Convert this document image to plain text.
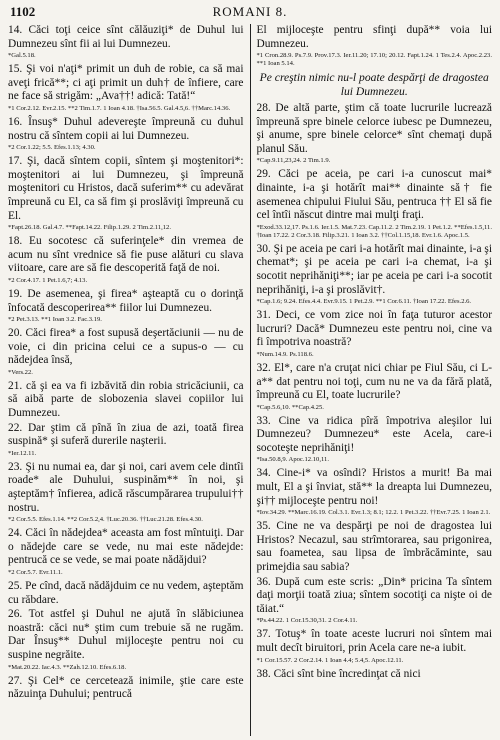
1102	ROMANI 8.

14. Căci toţi ceice sînt călăuziţi* de Duhul lui Dumnezeu sînt fii ai lui Dumnezeu.

*Gal.5.18.

15. Şi voi n'aţi* primit un duh de robie, ca să mai aveţi frică**; ci aţi primit un duh† de înfiere, care ne face să strigăm: „Ava††! adică: Tată!“

*1 Cor.2.12. Evr.2.15. **2 Tim.1.7. 1 Ioan 4.18. †Isa.56.5. Gal.4.5,6. ††Marc.14.36.

16. Însuş* Duhul adevereşte împreună cu duhul nostru că sîntem copii ai lui Dumnezeu.

*2 Cor.1.22; 5.5. Efes.1.13; 4.30.

17. Şi, dacă sîntem copii, sîntem şi moştenitori*: moştenitori ai lui Dumnezeu, şi împreună moştenitori cu Hristos, dacă suferim** cu adevărat împreună cu El, ca să fim şi proslăviţi împreună cu El.

*Fapt.26.18. Gal.4.7. **Fapt.14.22. Filip.1.29. 2 Tim.2.11,12.

18. Eu socotesc că suferinţele* din vremea de acum nu sînt vrednice să fie puse alături cu slava viitoare, care are să fie descoperită faţă de noi.

*2 Cor.4.17. 1 Pet.1.6,7; 4.13.

19. De asemenea, şi firea* aşteaptă cu o dorinţă înfocată descoperirea** fiilor lui Dumnezeu.

*2 Pet.3.13. **1 Ioan 3.2. Fac.3.19.

20. Căci firea* a fost supusă deşertăciunii — nu de voie, ci din pricina celui ce a supus-o — cu nădejdea însă,

*Vers.22.

21. că şi ea va fi izbăvită din robia stricăciunii, ca să aibă parte de slobozenia slavei copiilor lui Dumnezeu.

22. Dar ştim că pînă în ziua de azi, toată firea suspină* şi suferă durerile naşterii.

*Ier.12.11.

23. Şi nu numai ea, dar şi noi, cari avem cele dintîi roade* ale Duhului, suspinăm** în noi, şi aşteptăm† înfierea, adică răscumpărarea trupului†† nostru.

*2 Cor.5.5. Efes.1.14. **2 Cor.5.2,4. †Luc.20.36. ††Luc.21.28. Efes.4.30.

24. Căci în nădejdea* aceasta am fost mîntuiţi. Dar o nădejde care se vede, nu mai este nădejde: pentrucă ce se vede, se mai poate nădăjdui?

*2 Cor.5.7. Evr.11.1.

25. Pe cînd, dacă nădăjduim ce nu vedem, aşteptăm cu răbdare.

26. Tot astfel şi Duhul ne ajută în slăbiciunea noastră: căci nu* ştim cum trebuie să ne rugăm. Dar Însuş** Duhul mijloceşte pentru noi cu suspine negrăite.

*Mat.20.22. Iac.4.3. **Zah.12.10. Efes.6.18.

27. Şi Cel* ce cercetează inimile, ştie care este năzuinţa Duhului; pentrucă

El mijloceşte pentru sfinţi după** voia lui Dumnezeu.

*1 Cron.28.9. Ps.7.9. Prov.17.3. Ier.11.20; 17.10; 20.12. Fapt.1.24. 1 Tes.2.4. Apoc.2.23. **1 Ioan 5.14.

Pe creştin nimic nu-l poate despărţi de dragostea lui Dumnezeu.

28. De altă parte, ştim că toate lucrurile lucrează împreună spre binele celorce iubesc pe Dumnezeu, şi anume, spre binele celorce* sînt chemaţi după planul Său.

*Cap.9.11,23,24. 2 Tim.1.9.

29. Căci pe aceia, pe cari i-a cunoscut mai* dinainte, i-a şi hotărît mai** dinainte să† fie asemenea chipului Fiului Său, pentruca †† El să fie cel întîi născut dintre mai mulţi fraţi.

*Exod.33.12,17. Ps.1.6. Ier.1.5. Mat.7.23. Cap.11.2. 2 Tim.2.19. 1 Pet.1.2. **Efes.1.5,11. †Ioan 17.22. 2 Cor.3.18. Filip.3.21. 1 Ioan 3.2. ††Col.1.15,18. Evr.1.6. Apoc.1.5.

30. Şi pe aceia pe cari i-a hotărît mai dinainte, i-a şi chemat*; şi pe aceia pe cari i-a chemat, i-a şi socotit neprihăniţi**; iar pe aceia pe cari i-a socotit neprihăniţi, i-a şi proslăvit†.

*Cap.1.6; 9.24. Efes.4.4. Evr.9.15. 1 Pet.2.9. **1 Cor.6.11. †Ioan 17.22. Efes.2.6.

31. Deci, ce vom zice noi în faţa tuturor acestor lucruri? Dacă* Dumnezeu este pentru noi, cine va fi împotriva noastră?

*Num.14.9. Ps.118.6.

32. El*, care n'a cruţat nici chiar pe Fiul Său, ci L-a** dat pentru noi toţi, cum nu ne va da fără plată, împreună cu El, toate lucrurile?

*Cap.5.6,10. **Cap.4.25.

33. Cine va ridica pîră împotriva aleşilor lui Dumnezeu? Dumnezeu* este Acela, care-i socoteşte neprihăniţi!

*Isa.50.8,9. Apoc.12.10,11.

34. Cine-i* va osîndi? Hristos a murit! Ba mai mult, El a şi înviat, stă** la dreapta lui Dumnezeu, şi†† mijloceşte pentru noi!

*Iov.34.29. **Marc.16.19. Col.3.1. Evr.1.3; 8.1; 12.2. 1 Pet.3.22. ††Evr.7.25. 1 Ioan 2.1.

35. Cine ne va despărţi pe noi de dragostea lui Hristos? Necazul, sau strîmtorarea, sau prigonirea, sau foametea, sau lipsa de îmbrăcăminte, sau primejdia sau sabia?

36. După cum este scris: „Din* pricina Ta sîntem daţi morţii toată ziua; sîntem socotiţi ca nişte oi de tăiat.“

*Ps.44.22. 1 Cor.15.30,31. 2 Cor.4.11.

37. Totuş* în toate aceste lucruri noi sîntem mai mult decît biruitori, prin Acela care ne-a iubit.

*1 Cor.15.57. 2 Cor.2.14. 1 Ioan 4.4; 5.4,5. Apoc.12.11.

38. Căci sînt bine încredinţat că nici
